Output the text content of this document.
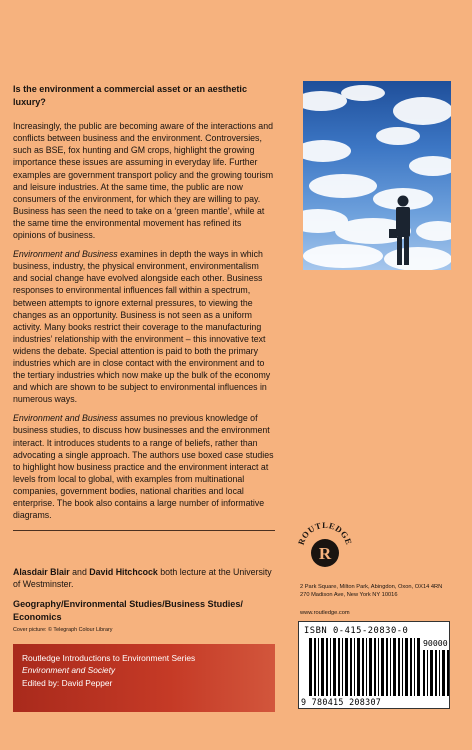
Is the environment a commercial asset or an aesthetic luxury?

Increasingly, the public are becoming aware of the interactions and conflicts between business and the environment. Controversies, such as BSE, fox hunting and GM crops, highlight the growing importance these issues are assuming in everyday life. Further examples are government transport policy and the growing tourism and leisure industries. At the same time, the public are now consumers of the environment, for which they are willing to pay. Business has seen the need to take on a ‘green mantle’, while at the same time the environmental movement has refined its opinions of business.

Environment and Business examines in depth the ways in which business, industry, the physical environment, environmentalism and social change have evolved alongside each other. Business responses to environmental influences fall within a spectrum, between attempts to ignore external pressures, to viewing the changes as an opportunity. Business is not seen as a uniform activity. Many books restrict their coverage to the manufacturing industries’ relationship with the environment – this innovative text widens the debate. Special attention is paid to both the primary industries which are in close contact with the environment and to the tertiary industries which now make up the bulk of the economy and which are shown to be subject to environmental influences in numerous ways.

Environment and Business assumes no previous knowledge of business studies, to discuss how businesses and the environment interact. It introduces students to a range of beliefs, rather than advocating a single approach. The authors use boxed case studies to highlight how business practice and the environment interact at levels from local to global, with examples from multinational companies, government bodies, national charities and local enterprise. The book also contains a large number of informative diagrams.

Alasdair Blair and David Hitchcock both lecture at the University of Westminster.
Geography/Environmental Studies/Business Studies/ Economics
Cover picture: © Telegraph Colour Library
Routledge Introductions to Environment Series
Environment and Society
Edited by: David Pepper
ROUTLEDGE
R
2 Park Square, Milton Park, Abingdon, Oxon, OX14 4RN
270 Madison Ave, New York NY 10016
www.routledge.com
ISBN 0-415-20830-0
90000
9 780415 208307
